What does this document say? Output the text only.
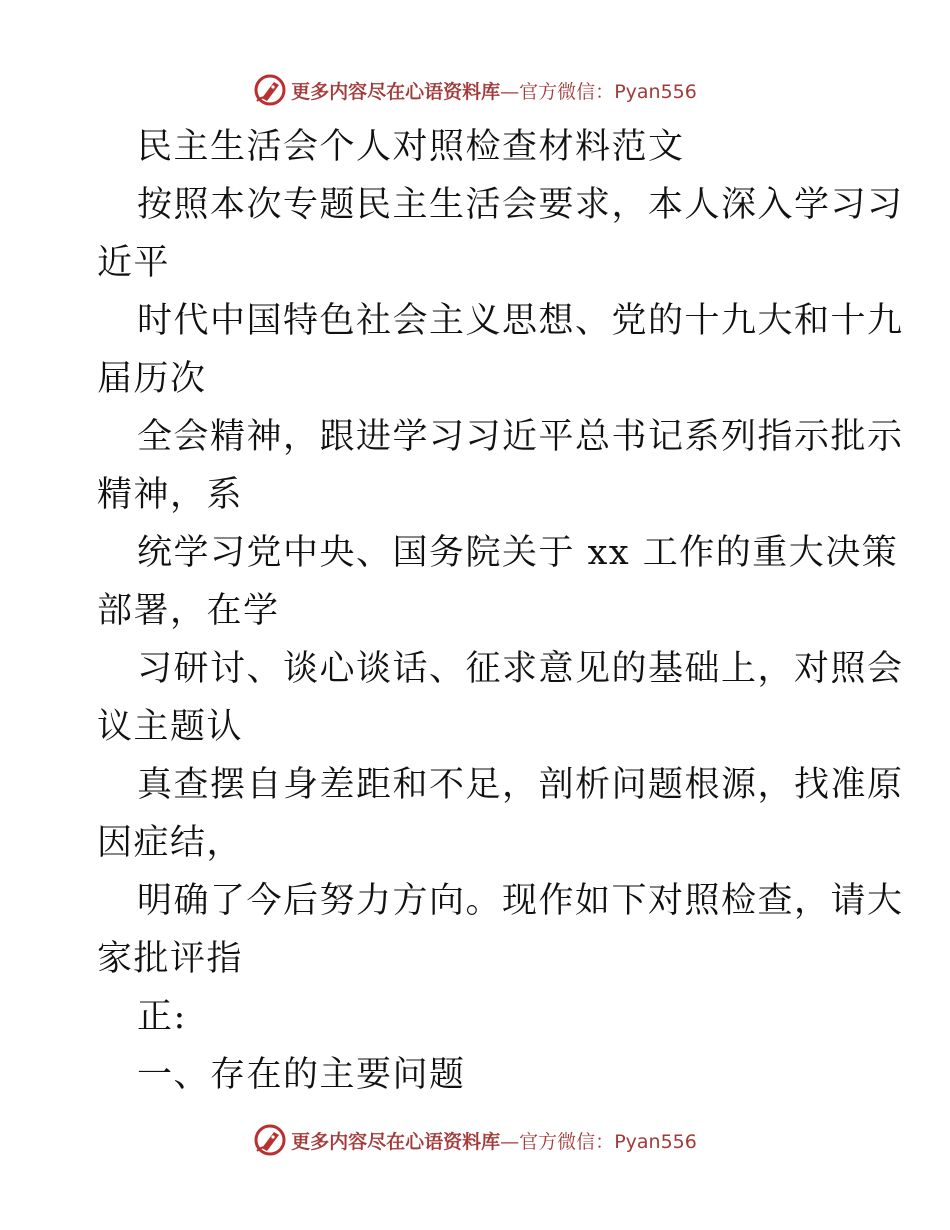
更多内容尽在心语资料库—官方微信：Pyan556
民主生活会个人对照检查材料范文
按照本次专题民主生活会要求，本人深入学习习
近平
时代中国特色社会主义思想、党的十九大和十九
届历次
全会精神，跟进学习习近平总书记系列指示批示
精神，系
统学习党中央、国务院关于 xx 工作的重大决策
部署，在学
习研讨、谈心谈话、征求意见的基础上，对照会
议主题认
真查摆自身差距和不足，剖析问题根源，找准原
因症结，
明确了今后努力方向。现作如下对照检查，请大
家批评指
正:
一、存在的主要问题
更多内容尽在心语资料库—官方微信：Pyan556
